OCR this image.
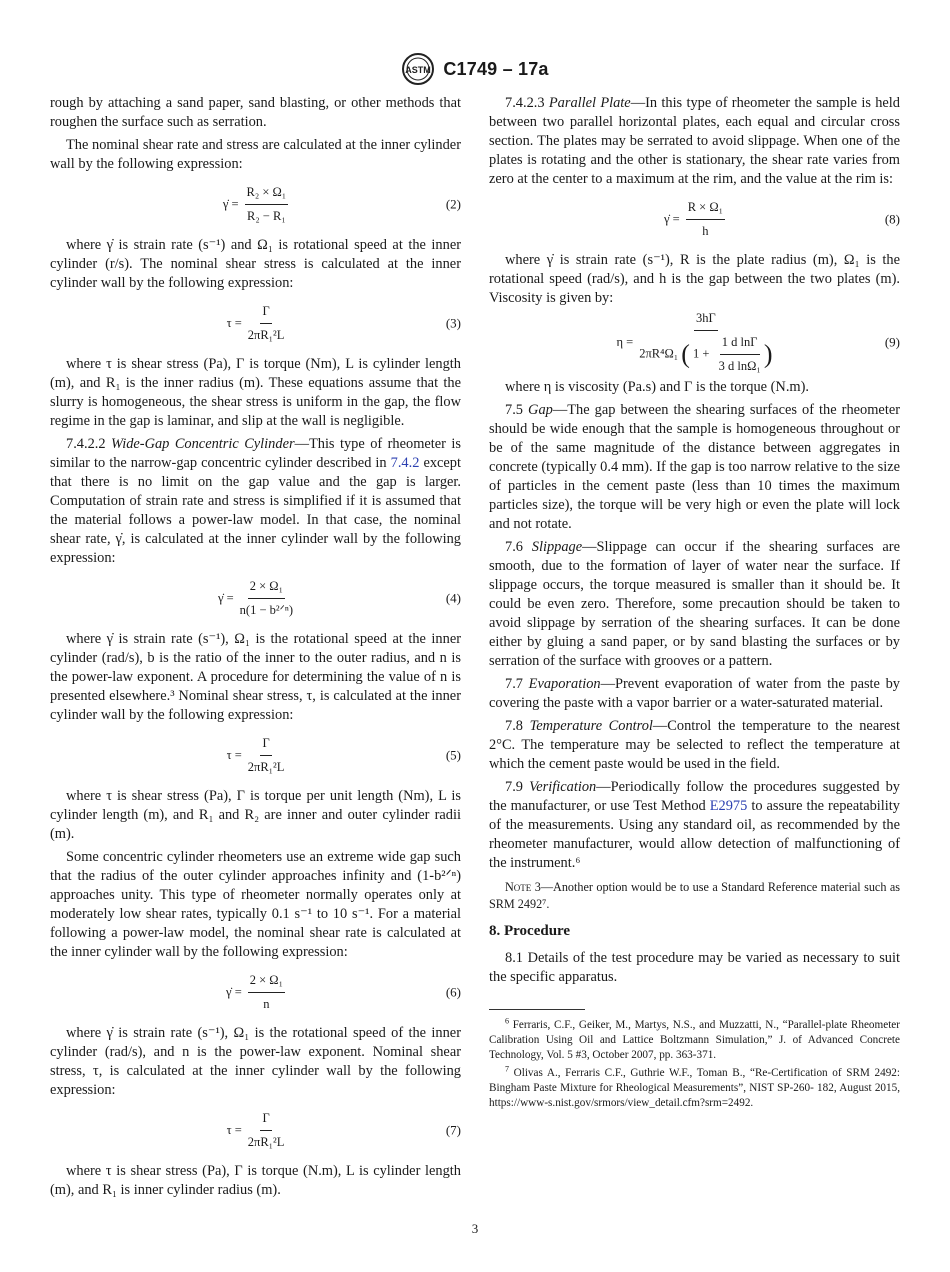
ASTM C1749 – 17a

rough by attaching a sand paper, sand blasting, or other methods that roughen the surface such as serration.

The nominal shear rate and stress are calculated at the inner cylinder wall by the following expression:

γ̇ = $\frac{\text{R₂ × Ω₁}}{\text{R₂ − R₁}}$	(2)

where γ̇ is strain rate (s⁻¹) and Ω₁ is rotational speed at the inner cylinder (r/s). The nominal shear stress is calculated at the inner cylinder wall by the following expression:

$\tau = \frac{\Gamma}{\text{2πR₁²L}}$	(3)

where τ is shear stress (Pa), Γ is torque (Nm), L is cylinder length (m), and R₁ is the inner radius (m). These equations assume that the slurry is homogeneous, the shear stress is uniform in the gap, the flow regime in the gap is laminar, and slip at the wall is negligible.

7.4.2.2 Wide-Gap Concentric Cylinder—This type of rheometer is similar to the narrow-gap concentric cylinder described in 7.4.2 except that there is no limit on the gap value and the gap is larger. Computation of strain rate and stress is simplified if it is assumed that the material follows a power-law model. In that case, the nominal shear rate, γ̇, is calculated at the inner cylinder wall by the following expression:

γ̇ = $\frac{\text{2 × Ω₁}}{\text{n(1 − b²ᐟⁿ)}}$	(4)

where γ̇ is strain rate (s⁻¹), Ω₁ is the rotational speed at the inner cylinder (rad/s), b is the ratio of the inner to the outer radius, and n is the power-law exponent. A procedure for determining the value of n is presented elsewhere.³ Nominal shear stress, τ, is calculated at the inner cylinder wall by the following expression:

$\tau = \frac{\Gamma}{\text{2πR₁²L}}$	(5)

where τ is shear stress (Pa), Γ is torque per unit length (Nm), L is cylinder length (m), and R₁ and R₂ are inner and outer cylinder radii (m).

Some concentric cylinder rheometers use an extreme wide gap such that the radius of the outer cylinder approaches infinity and (1-b²ᐟⁿ) approaches unity. This type of rheometer normally operates only at moderately low shear rates, typically 0.1 s⁻¹ to 10 s⁻¹. For a material following a power-law model, the nominal shear rate is calculated at the inner cylinder wall by the following expression:

γ̇ = $\frac{\text{2 × Ω₁}}{n}$	(6)

where γ̇ is strain rate (s⁻¹), Ω₁ is the rotational speed of the inner cylinder (rad/s), and n is the power-law exponent. Nominal shear stress, τ, is calculated at the inner cylinder wall by the following expression:

$\tau = \frac{\Gamma}{\text{2πR₁²L}}$	(7)

where τ is shear stress (Pa), Γ is torque (N.m), L is cylinder length (m), and R₁ is inner cylinder radius (m).

7.4.2.3 Parallel Plate—In this type of rheometer the sample is held between two parallel horizontal plates, each equal and circular cross section. The plates may be serrated to avoid slippage. When one of the plates is rotating and the other is stationary, the shear rate varies from zero at the center to a maximum at the rim, and the value at the rim is:

γ̇ = $\frac{\text{R × Ω₁}}{h}$	(8)

where γ̇ is strain rate (s⁻¹), R is the plate radius (m), Ω₁ is the rotational speed (rad/s), and h is the gap between the two plates (m). Viscosity is given by:

η =
3hΓ
2πR⁴Ω₁ ( $1 + \frac{\text{1 d lnΓ}}{\text{3 d lnΩ₁}}$ )	(9)

where η is viscosity (Pa.s) and Γ is the torque (N.m).

7.5 Gap—The gap between the shearing surfaces of the rheometer should be wide enough that the sample is homogeneous throughout or be of the same magnitude of the distance between aggregates in concrete (typically 0.4 mm). If the gap is too narrow relative to the size of particles in the cement paste (less than 10 times the maximum particles size), the torque will be very high or even the plate will lock and not rotate.

7.6 Slippage—Slippage can occur if the shearing surfaces are smooth, due to the formation of layer of water near the surface. If slippage occurs, the torque measured is smaller than it should be. It could be even zero. Therefore, some precaution should be taken to avoid slippage by serration of the shearing surfaces. It can be done either by gluing a sand paper, or by sand blasting the surfaces or by serration of the surface with grooves or a pattern.

7.7 Evaporation—Prevent evaporation of water from the paste by covering the paste with a vapor barrier or a water-saturated material.

7.8 Temperature Control—Control the temperature to the nearest 2°C. The temperature may be selected to reflect the temperature at which the cement paste would be used in the field.

7.9 Verification—Periodically follow the procedures suggested by the manufacturer, or use Test Method E2975 to assure the repeatability of the measurements. Using any standard oil, as recommended by the rheometer manufacturer, would allow detection of malfunctioning of the instrument.⁶

Note 3—Another option would be to use a Standard Reference material such as SRM 2492⁷.

8. Procedure

8.1 Details of the test procedure may be varied as necessary to suit the specific apparatus.

$^6$ Ferraris, C.F., Geiker, M., Martys, N.S., and Muzzatti, N., “Parallel-plate Rheometer Calibration Using Oil and Lattice Boltzmann Simulation,” J. of Advanced Concrete Technology, Vol. 5 #3, October 2007, pp. 363-371.

$^7$ Olivas A., Ferraris C.F., Guthrie W.F., Toman B., “Re-Certification of SRM 2492: Bingham Paste Mixture for Rheological Measurements”, NIST SP-260- 182, August 2015, https://www-s.nist.gov/srmors/view_detail.cfm?srm=2492.

3
